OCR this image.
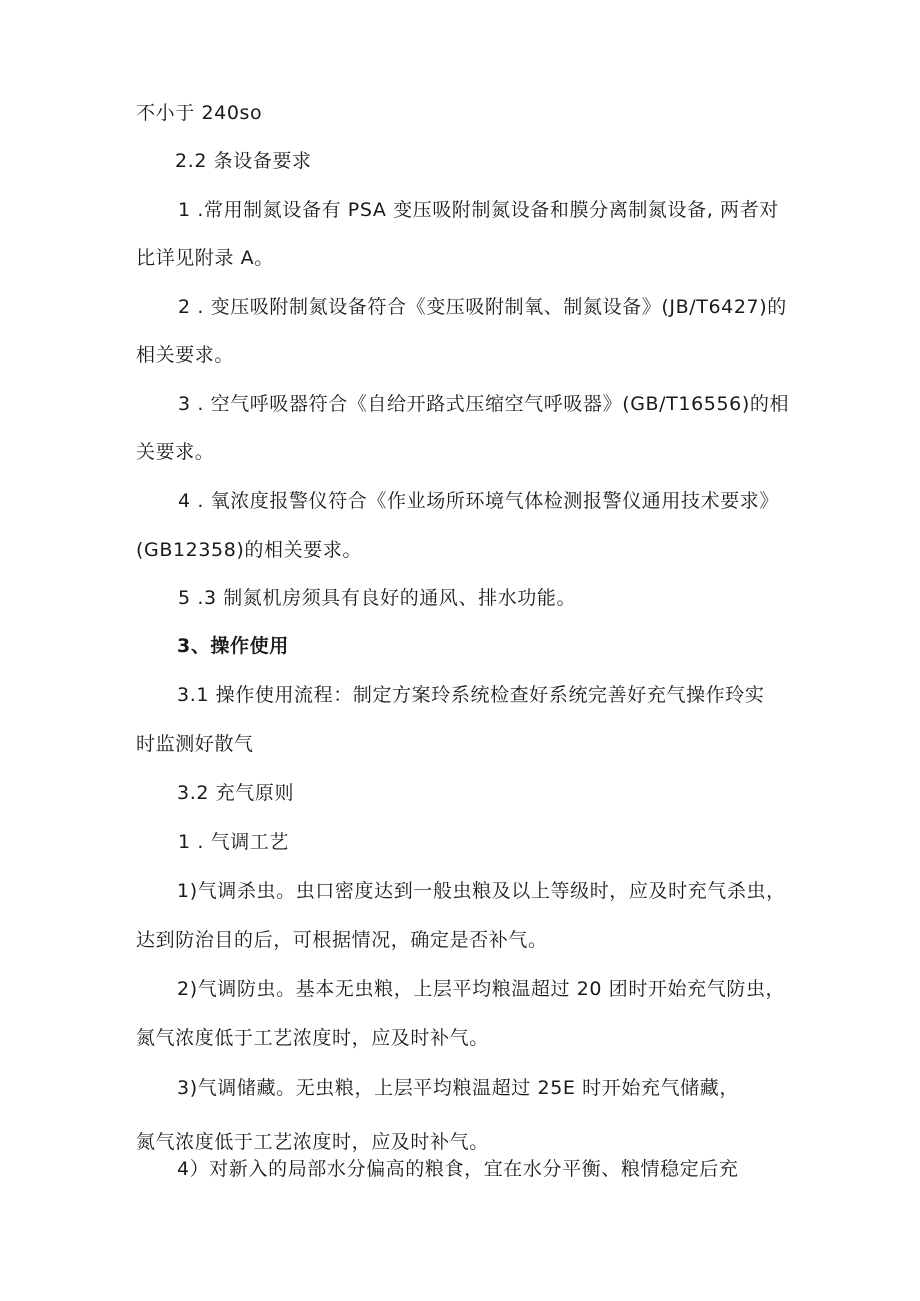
不小于 240so
2.2 条设备要求
1 .常用制氮设备有 PSA 变压吸附制氮设备和膜分离制氮设备, 两者对
比详见附录 A。
2 . 变压吸附制氮设备符合《变压吸附制氧、制氮设备》(JB/T6427)的
相关要求。
3 . 空气呼吸器符合《自给开路式压缩空气呼吸器》(GB/T16556)的相
关要求。
4 . 氧浓度报警仪符合《作业场所环境气体检测报警仪通用技术要求》
(GB12358)的相关要求。
5 .3 制氮机房须具有良好的通风、排水功能。
3、操作使用
3.1 操作使用流程：制定方案玲系统检查好系统完善好充气操作玲实
时监测好散气
3.2 充气原则
1 . 气调工艺
1)气调杀虫。虫口密度达到一般虫粮及以上等级时，应及时充气杀虫，
达到防治目的后，可根据情况，确定是否补气。
2)气调防虫。基本无虫粮，上层平均粮温超过 20 团时开始充气防虫，
氮气浓度低于工艺浓度时，应及时补气。
3)气调储藏。无虫粮，上层平均粮温超过 25E 时开始充气储藏，
氮气浓度低于工艺浓度时，应及时补气。
4）对新入的局部水分偏高的粮食，宜在水分平衡、粮情稳定后充
